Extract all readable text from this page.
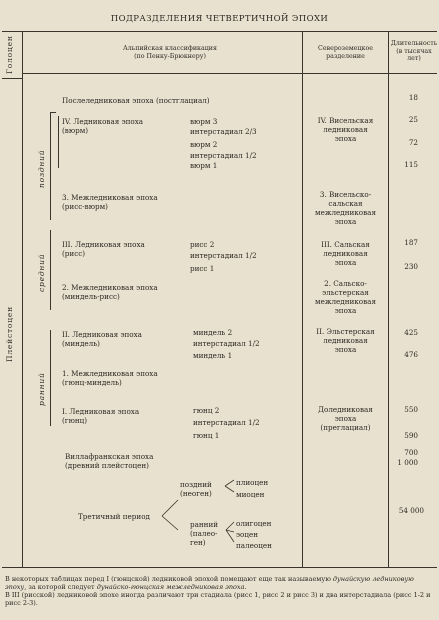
ПОДРАЗДЕЛЕНИЯ ЧЕТВЕРТИЧНОЙ ЭПОХИ
Альпийская классификация
(по Пенку-Брюкнеру)
Североземецкое
разделение
Длительность
(в тысячах
лет)
Голоцен
Плейстоцен
поздний
средний
ранний
Послеледниковая эпоха (постглациал)
IV. Ледниковая эпоха
(вюрм)
вюрм 3
интерстадиал 2/3
вюрм 2
интерстадиал 1/2
вюрм 1
3. Межледниковая эпоха
(рисс-вюрм)
III. Ледниковая эпоха
(рисс)
рисс 2
интерстадиал 1/2
рисс 1
2. Межледниковая эпоха
(миндель-рисс)
II. Ледниковая эпоха
(миндель)
миндель 2
интерстадиал 1/2
миндель 1
1. Межледниковая эпоха
(гюнц-миндель)
I. Ледниковая эпоха
(гюнц)
гюнц 2
интерстадиал 1/2
гюнц 1
Виллафранкская эпоха
(древний плейстоцен)
Третичный период
поздний
(неоген)
плиоцен
миоцен
ранний
(палео-
ген)
олигоцен
эоцен
палеоцен
IV. Висельская
ледниковая
эпоха
3. Висельско-
сальская
межледниковая
эпоха
III. Сальская
ледниковая
эпоха
2. Сальско-
эльстерская
межледниковая
эпоха
II. Эльстерская
ледниковая
эпоха
Доледниковая
эпоха
(преглациал)
18
25
72
115
187
230
425
476
550
590
700
1 000
54 000
В некоторых таблицах перед I (гюнцской) ледниковой эпохой помещают еще так называемую дунайскую ледниковую эпоху, за которой следует дунайско-гюнцская межледниковая эпоха.
В III (рисской) ледниковой эпохе иногда различают три стадиала (рисс 1, рисс 2 и рисс 3) и два интерстадиала (рисс 1-2 и рисс 2-3).
